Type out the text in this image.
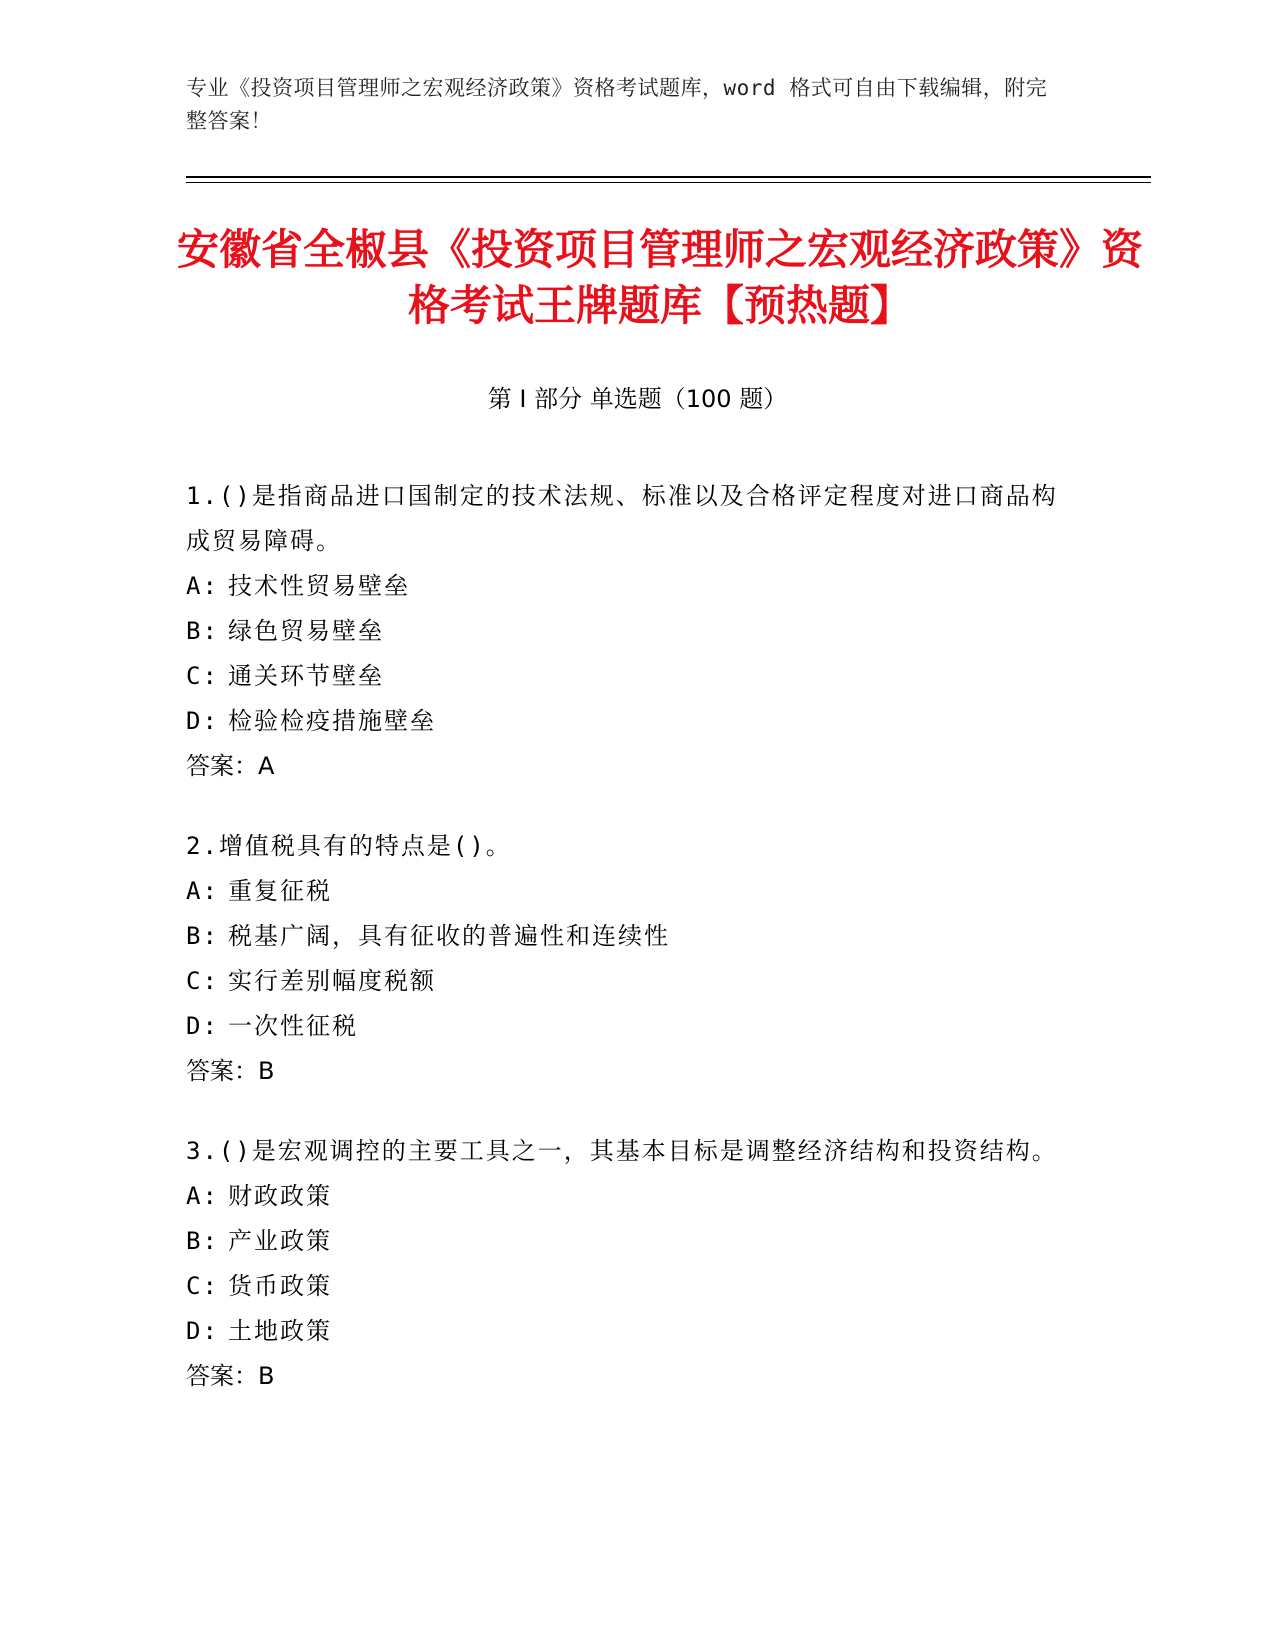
专业《投资项目管理师之宏观经济政策》资格考试题库，word 格式可自由下载编辑，附完整答案！
安徽省全椒县《投资项目管理师之宏观经济政策》资格考试王牌题库【预热题】
第 I 部分 单选题（100 题）

1.()是指商品进口国制定的技术法规、标准以及合格评定程度对进口商品构成贸易障碍。

A: 技术性贸易壁垒

B: 绿色贸易壁垒

C: 通关环节壁垒

D: 检验检疫措施壁垒

答案：A

2.增值税具有的特点是()。

A: 重复征税

B: 税基广阔，具有征收的普遍性和连续性

C: 实行差别幅度税额

D: 一次性征税

答案：B

3.()是宏观调控的主要工具之一，其基本目标是调整经济结构和投资结构。

A: 财政政策

B: 产业政策

C: 货币政策

D: 土地政策

答案：B
